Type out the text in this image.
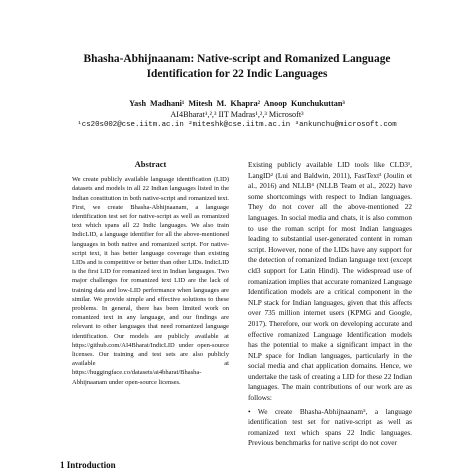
Bhasha-Abhijnaanam: Native-script and Romanized Language
Identification for 22 Indic Languages
Yash Madhani¹ Mitesh M. Khapra² Anoop Kunchukuttan³
AI4Bharat¹,²,³ IIT Madras¹,²,³ Microsoft³
¹cs20s002@cse.iitm.ac.in ²miteshk@cse.iitm.ac.in ³ankunchu@microsoft.com
Abstract

We create publicly available language identification (LID) datasets and models in all 22 Indian languages listed in the Indian constitution in both native-script and romanized text. First, we create Bhasha-Abhijnaanam, a language identification test set for native-script as well as romanized text which spans all 22 Indic languages. We also train IndicLID, a language identifier for all the above-mentioned languages in both native and romanized script. For native-script text, it has better language coverage than existing LIDs and is competitive or better than other LIDs. IndicLID is the first LID for romanized text in Indian languages. Two major challenges for romanized text LID are the lack of training data and low-LID performance when languages are similar. We provide simple and effective solutions to these problems. In general, there has been limited work on romanized text in any language, and our findings are relevant to other languages that need romanized language identification. Our models are publicly available at https://github.com/AI4Bharat/IndicLID under open-source licenses. Our training and test sets are also publicly available at https://huggingface.co/datasets/ai4bharat/Bhasha-Abhijnaanam under open-source licenses.

Existing publicly available LID tools like CLD3¹, LangID² (Lui and Baldwin, 2011), FastText³ (Joulin et al., 2016) and NLLB⁴ (NLLB Team et al., 2022) have some shortcomings with respect to Indian languages. They do not cover all the above-mentioned 22 languages. In social media and chats, it is also common to use the roman script for most Indian languages leading to substantial user-generated content in roman script. However, none of the LIDs have any support for the detection of romanized Indian language text (except cld3 support for Latin Hindi). The widespread use of romanization implies that accurate romanized Language Identification models are a critical component in the NLP stack for Indian languages, given that this affects over 735 million internet users (KPMG and Google, 2017). Therefore, our work on developing accurate and effective romanized Language Identification models has the potential to make a significant impact in the NLP space for Indian languages, particularly in the social media and chat application domains. Hence, we undertake the task of creating a LID for these 22 Indian languages. The main contributions of our work are as follows:

• We create Bhasha-Abhijnaanam⁵, a language identification test set for native-script as well as romanized text which spans 22 Indic languages. Previous benchmarks for native script do not cover

1 Introduction
